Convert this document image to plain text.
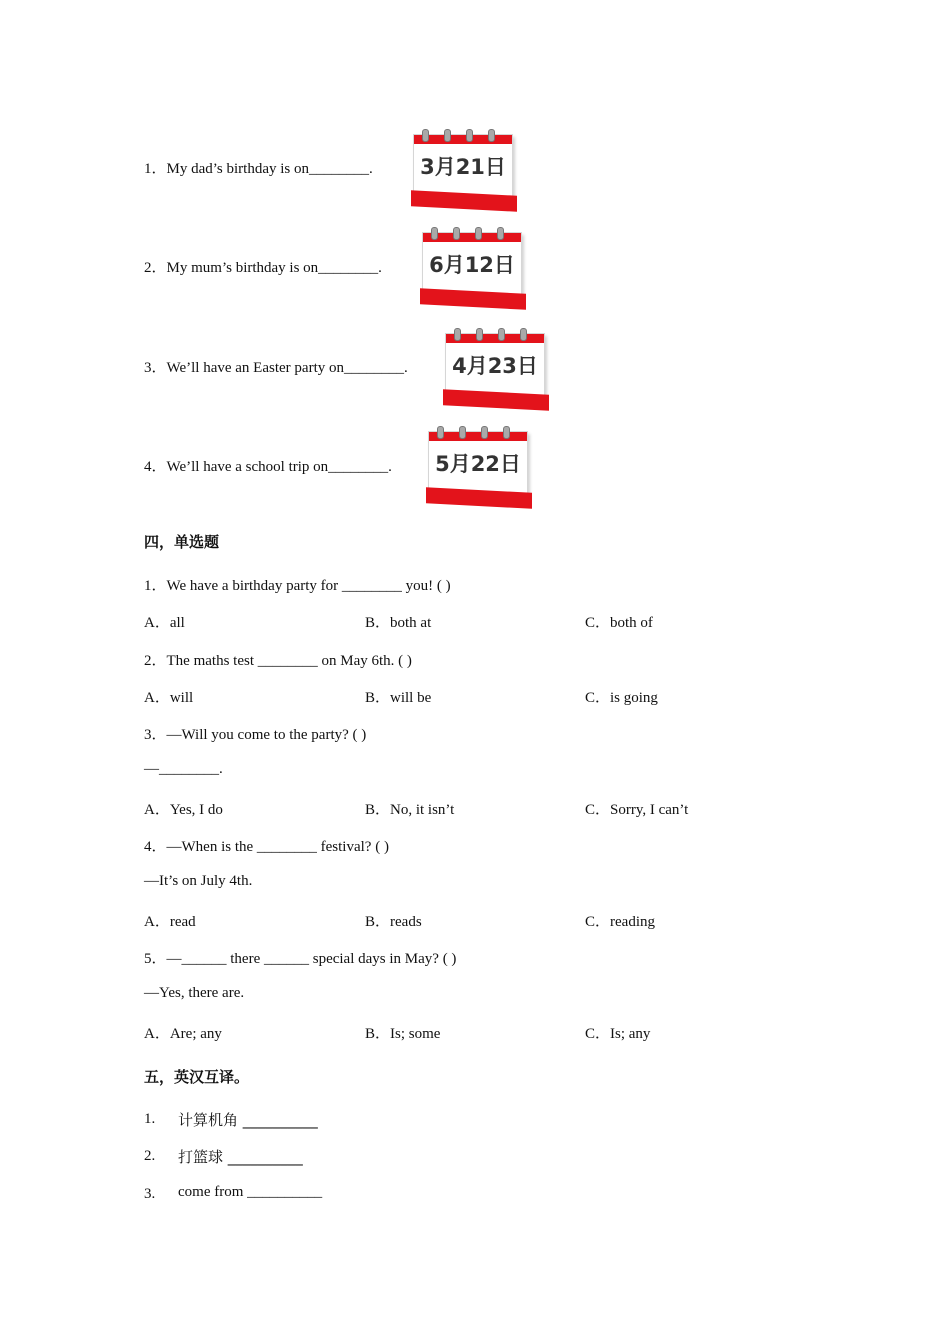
1．My dad’s birthday is on________. 3月21日
2．My mum’s birthday is on________. 6月12日
3．We’ll have an Easter party on________. 4月23日
4．We’ll have a school trip on________. 5月22日
四，单选题
1．We have a birthday party for ________ you! ( )
A．all	B．both at	C．both of
2．The maths test ________ on May 6th. ( )
A．will	B．will be	C．is going
3．—Will you come to the party? ( )
—________.
A．Yes, I do	B．No, it isn’t	C．Sorry, I can’t
4．—When is the ________ festival? ( )
—It’s on July 4th.
A．read	B．reads	C．reading
5．—______ there ______ special days in May? ( )
—Yes, there are.
A．Are; any	B．Is; some	C．Is; any
五，英汉互译。
1. 计算机角 __________
2. 打篮球 __________
3. come from __________
